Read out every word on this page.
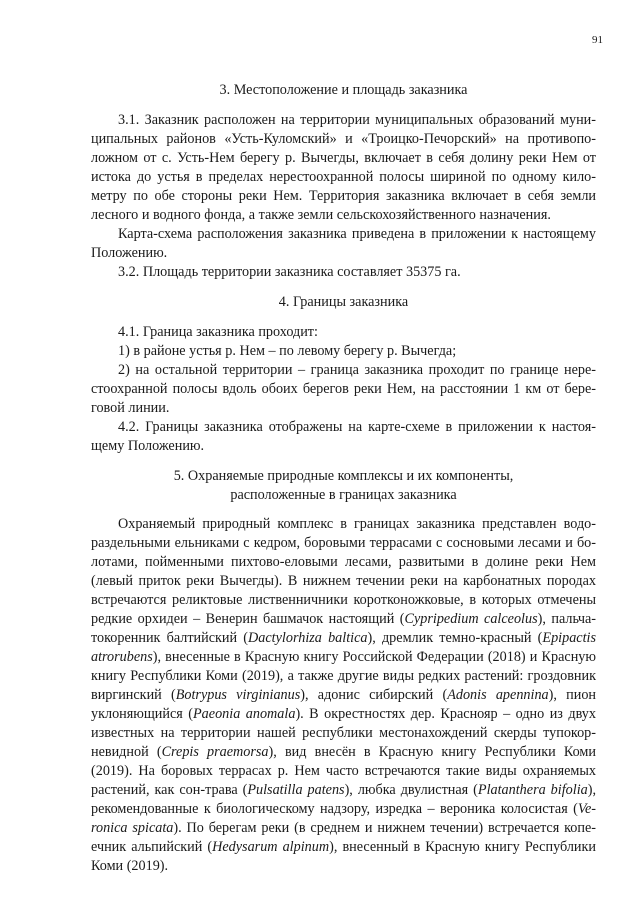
91
3. Местоположение и площадь заказника
3.1. Заказник расположен на территории муниципальных образований муни-
ципальных районов «Усть-Куломский» и «Троицко-Печорский» на противопо-
ложном от с. Усть-Нем берегу р. Вычегды, включает в себя долину реки Нем от
истока до устья в пределах нерестоохранной полосы шириной по одному кило-
метру по обе стороны реки Нем. Территория заказника включает в себя земли
лесного и водного фонда, а также земли сельскохозяйственного назначения.
Карта-схема расположения заказника приведена в приложении к настоящему
Положению.
3.2. Площадь территории заказника составляет 35375 га.
4. Границы заказника
4.1. Граница заказника проходит:
1) в районе устья р. Нем – по левому берегу р. Вычегда;
2) на остальной территории – граница заказника проходит по границе нере-
стоохранной полосы вдоль обоих берегов реки Нем, на расстоянии 1 км от бере-
говой линии.
4.2. Границы заказника отображены на карте-схеме в приложении к настоя-
щему Положению.
5. Охраняемые природные комплексы и их компоненты,
расположенные в границах заказника
Охраняемый природный комплекс в границах заказника представлен водо-
раздельными ельниками с кедром, боровыми террасами с сосновыми лесами и бо-
лотами, пойменными пихтово-еловыми лесами, развитыми в долине реки Нем
(левый приток реки Вычегды). В нижнем течении реки на карбонатных породах
встречаются реликтовые лиственничники коротконожковые, в которых отмечены
редкие орхидеи – Венерин башмачок настоящий (Cypripedium calceolus), пальча-
токоренник балтийский (Dactylorhiza baltica), дремлик темно-красный (Epipactis
atrorubens), внесенные в Красную книгу Российской Федерации (2018) и Красную
книгу Республики Коми (2019), а также другие виды редких растений: гроздовник
виргинский (Botrypus virginianus), адонис сибирский (Adonis apennina), пион
уклоняющийся (Paeonia anomala). В окрестностях дер. Краснояр – одно из двух
известных на территории нашей республики местонахождений скерды тупокор-
невидной (Crepis praemorsa), вид внесён в Красную книгу Республики Коми
(2019). На боровых террасах р. Нем часто встречаются такие виды охраняемых
растений, как сон-трава (Pulsatilla patens), любка двулистная (Platanthera bifolia),
рекомендованные к биологическому надзору, изредка – вероника колосистая (Ve-
ronica spicata). По берегам реки (в среднем и нижнем течении) встречается копе-
ечник альпийский (Hedysarum alpinum), внесенный в Красную книгу Республики
Коми (2019).
